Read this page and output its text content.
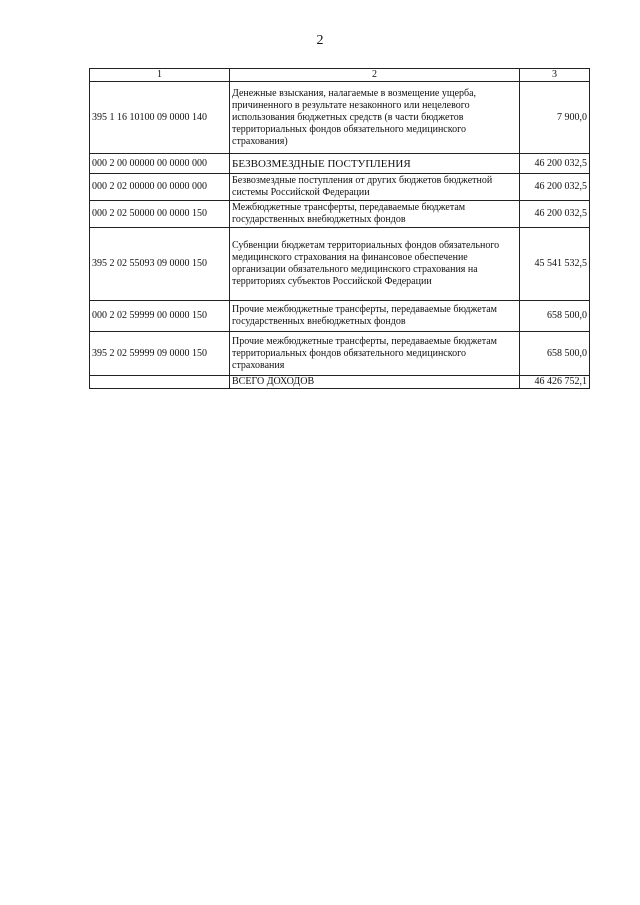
2
1	2	3
395 1 16 10100 09 0000 140	Денежные взыскания, налагаемые в возмещение ущерба, причиненного в результате незаконного или нецелевого использования бюджетных средств (в части бюджетов территориальных фондов обязательного медицинского страхования)	7 900,0
000 2 00 00000 00 0000 000	БЕЗВОЗМЕЗДНЫЕ ПОСТУПЛЕНИЯ	46 200 032,5
000 2 02 00000 00 0000 000	Безвозмездные поступления от других бюджетов бюджетной системы Российской Федерации	46 200 032,5
000 2 02 50000 00 0000 150	Межбюджетные трансферты, передаваемые бюджетам государственных внебюджетных фондов	46 200 032,5
395 2 02 55093 09 0000 150	Субвенции бюджетам территориальных фондов обязательного медицинского страхования на финансовое обеспечение организации обязательного медицинского страхования на территориях субъектов Российской Федерации	45 541 532,5
000 2 02 59999 00 0000 150	Прочие межбюджетные трансферты, передаваемые бюджетам государственных внебюджетных фондов	658 500,0
395 2 02 59999 09 0000 150	Прочие межбюджетные трансферты, передаваемые бюджетам территориальных фондов обязательного медицинского страхования	658 500,0
	ВСЕГО ДОХОДОВ	46 426 752,1
